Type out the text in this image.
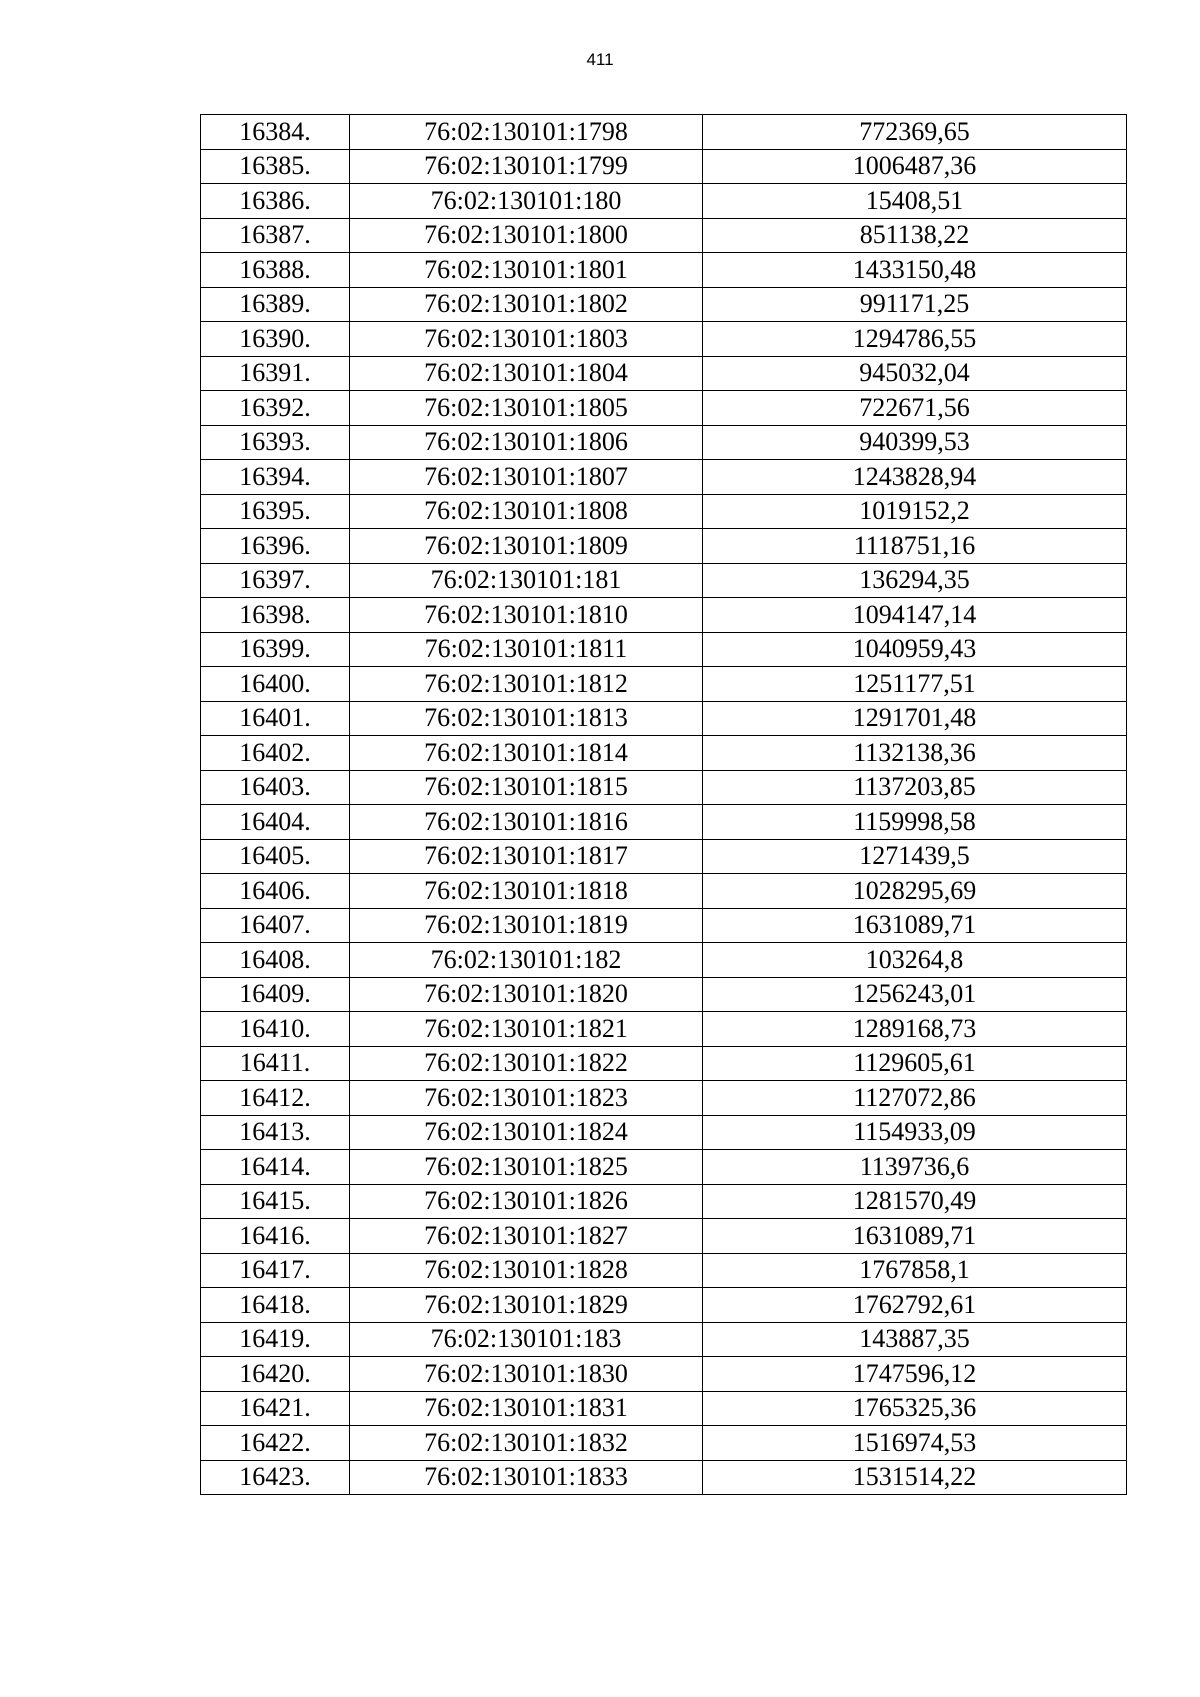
411
16384.	76:02:130101:1798	772369,65
16385.	76:02:130101:1799	1006487,36
16386.	76:02:130101:180	15408,51
16387.	76:02:130101:1800	851138,22
16388.	76:02:130101:1801	1433150,48
16389.	76:02:130101:1802	991171,25
16390.	76:02:130101:1803	1294786,55
16391.	76:02:130101:1804	945032,04
16392.	76:02:130101:1805	722671,56
16393.	76:02:130101:1806	940399,53
16394.	76:02:130101:1807	1243828,94
16395.	76:02:130101:1808	1019152,2
16396.	76:02:130101:1809	1118751,16
16397.	76:02:130101:181	136294,35
16398.	76:02:130101:1810	1094147,14
16399.	76:02:130101:1811	1040959,43
16400.	76:02:130101:1812	1251177,51
16401.	76:02:130101:1813	1291701,48
16402.	76:02:130101:1814	1132138,36
16403.	76:02:130101:1815	1137203,85
16404.	76:02:130101:1816	1159998,58
16405.	76:02:130101:1817	1271439,5
16406.	76:02:130101:1818	1028295,69
16407.	76:02:130101:1819	1631089,71
16408.	76:02:130101:182	103264,8
16409.	76:02:130101:1820	1256243,01
16410.	76:02:130101:1821	1289168,73
16411.	76:02:130101:1822	1129605,61
16412.	76:02:130101:1823	1127072,86
16413.	76:02:130101:1824	1154933,09
16414.	76:02:130101:1825	1139736,6
16415.	76:02:130101:1826	1281570,49
16416.	76:02:130101:1827	1631089,71
16417.	76:02:130101:1828	1767858,1
16418.	76:02:130101:1829	1762792,61
16419.	76:02:130101:183	143887,35
16420.	76:02:130101:1830	1747596,12
16421.	76:02:130101:1831	1765325,36
16422.	76:02:130101:1832	1516974,53
16423.	76:02:130101:1833	1531514,22
